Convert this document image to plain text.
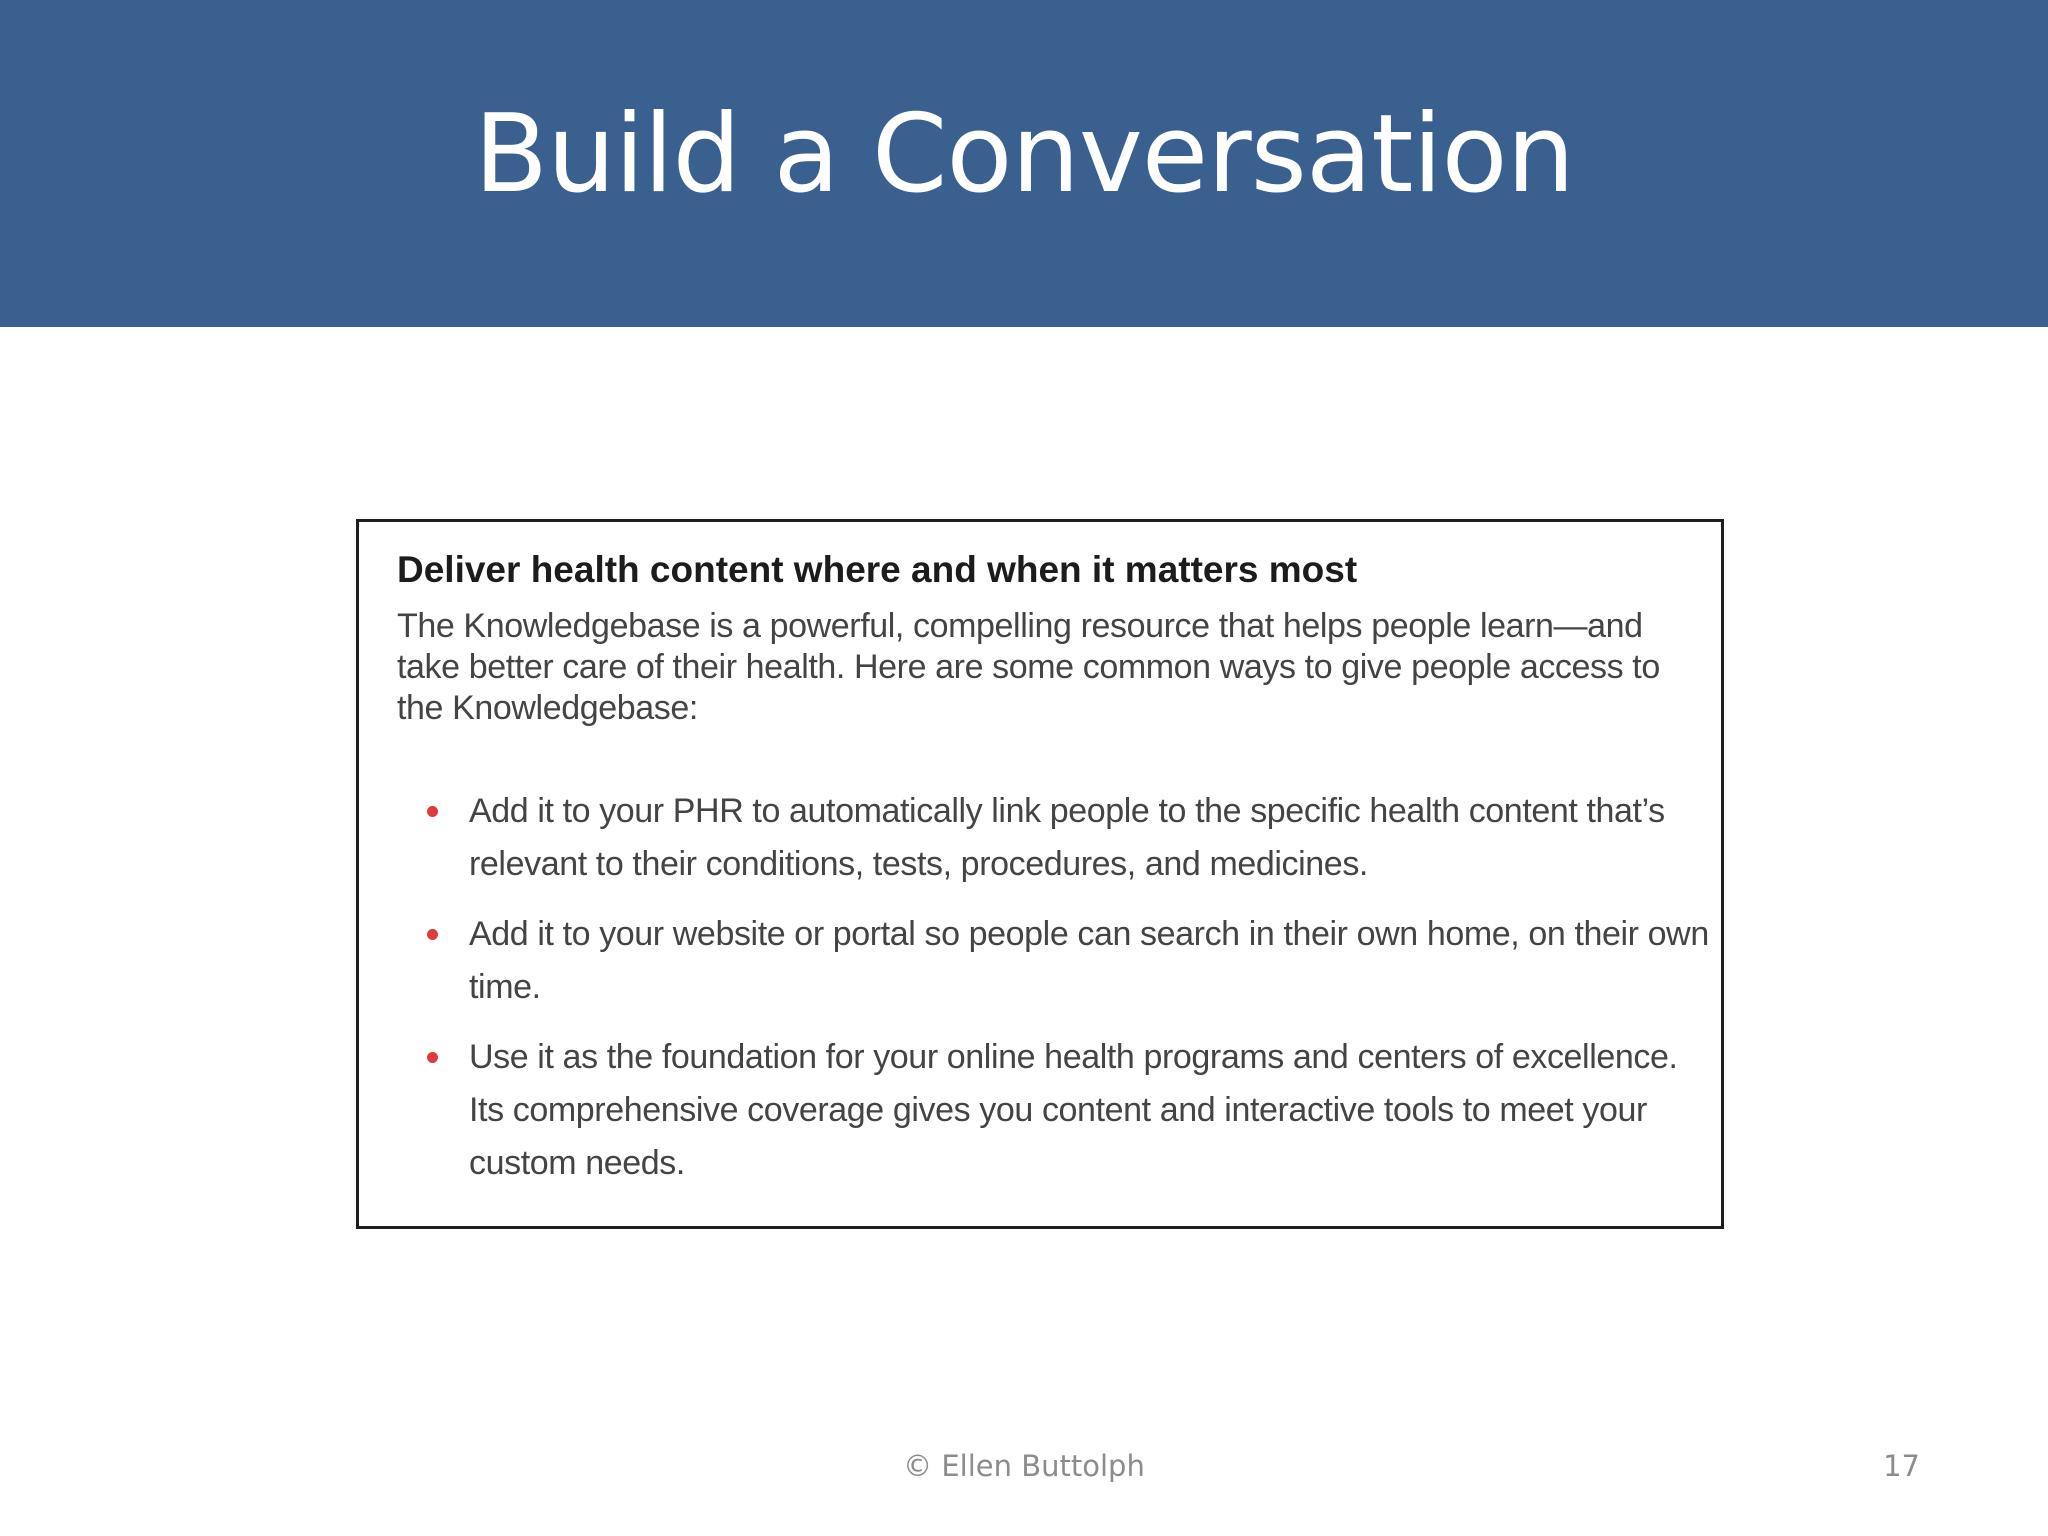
Build a Conversation
Deliver health content where and when it matters most

The Knowledgebase is a powerful, compelling resource that helps people learn—and take better care of their health. Here are some common ways to give people access to the Knowledgebase:

Add it to your PHR to automatically link people to the specific health content that’s relevant to their conditions, tests, procedures, and medicines.
Add it to your website or portal so people can search in their own home, on their own time.
Use it as the foundation for your online health programs and centers of excellence. Its comprehensive coverage gives you content and interactive tools to meet your custom needs.
© Ellen Buttolph	17
